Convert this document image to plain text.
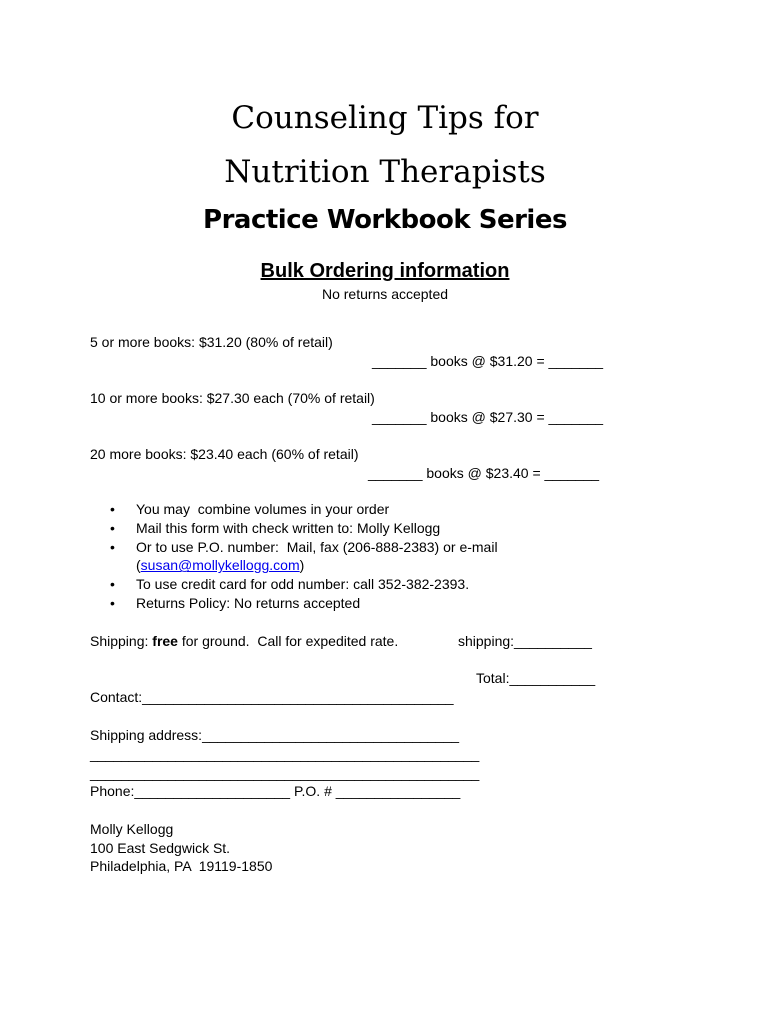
Counseling Tips for
Nutrition Therapists
Practice Workbook Series
Bulk Ordering information
No returns accepted
5 or more books: $31.20 (80% of retail)
_______ books @ $31.20 = _______
10 or more books: $27.30 each (70% of retail)
_______ books @ $27.30 = _______
20 more books: $23.40 each (60% of retail)
_______ books @ $23.40 = _______
• You may  combine volumes in your order
• Mail this form with check written to: Molly Kellogg
• Or to use P.O. number:  Mail, fax (206-888-2383) or e-mail
(susan@mollykellogg.com)
• To use credit card for odd number: call 352-382-2393.
• Returns Policy: No returns accepted
Shipping: free for ground.  Call for expedited rate.	shipping:__________
Total:___________
Contact:________________________________________
Shipping address:_________________________________
__________________________________________________
__________________________________________________
Phone:____________________ P.O. # ________________
Molly Kellogg
100 East Sedgwick St.
Philadelphia, PA  19119-1850
